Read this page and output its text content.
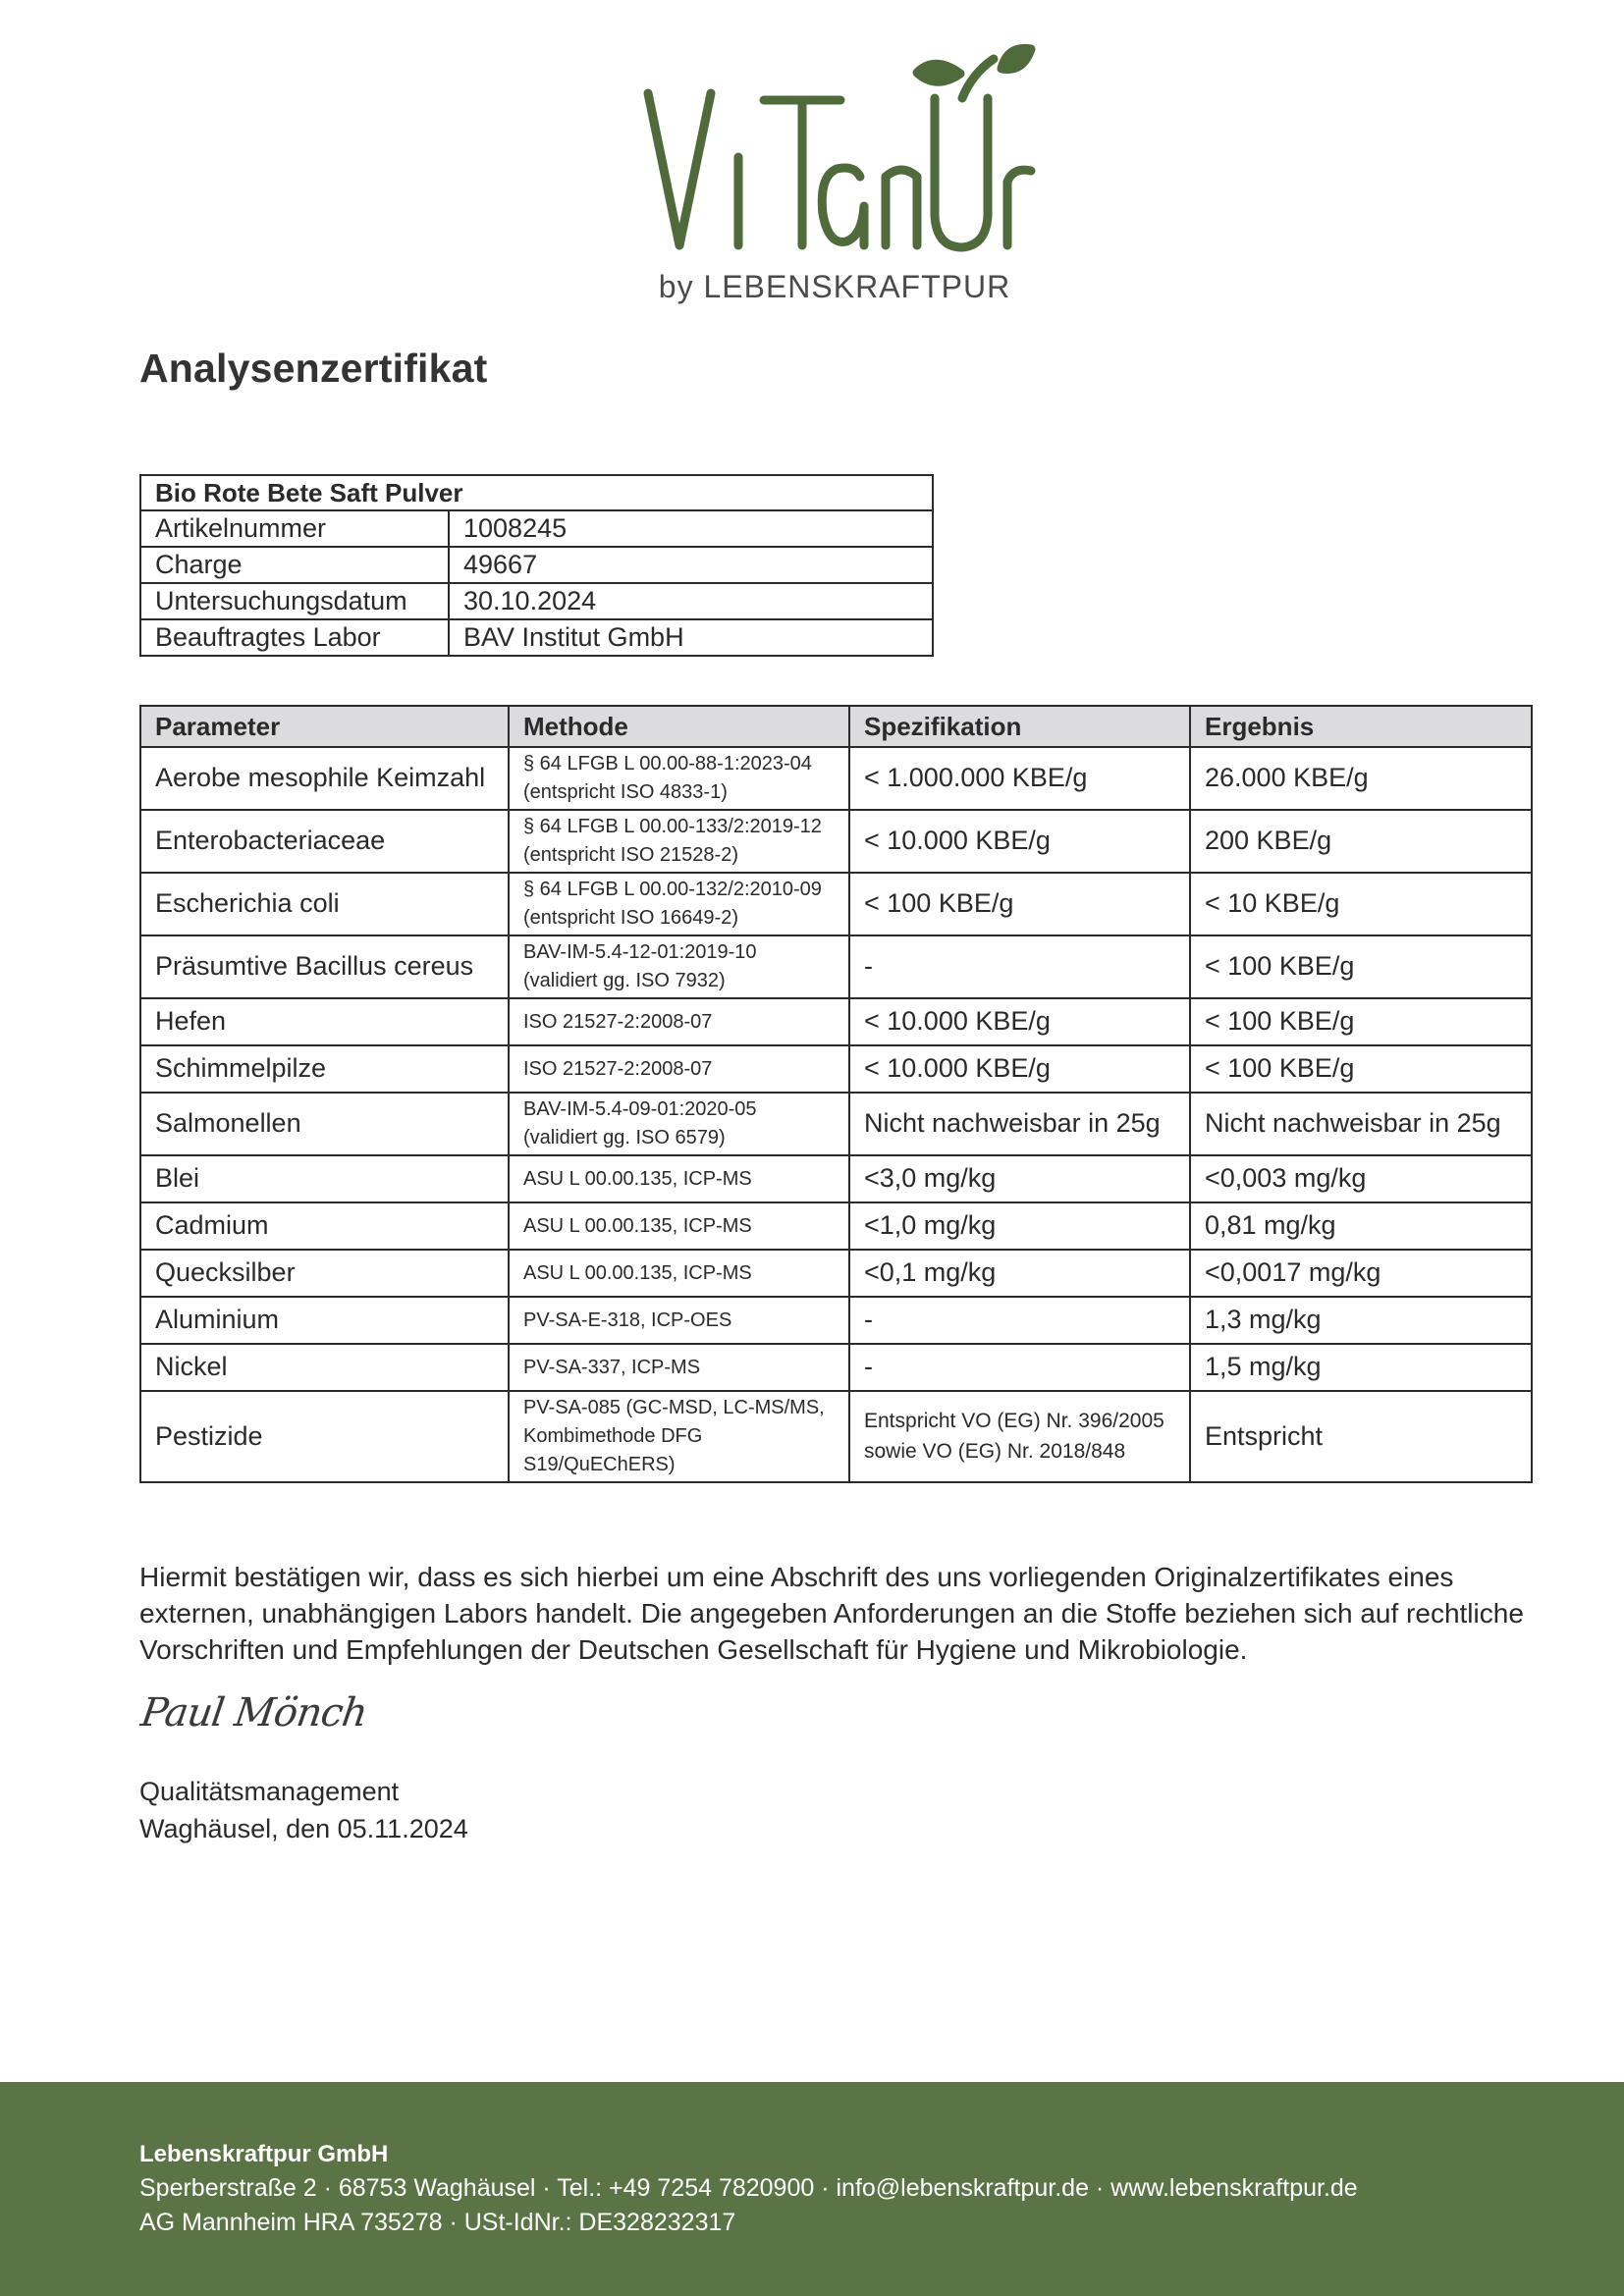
by LEBENSKRAFTPUR
Analysenzertifikat
Bio Rote Bete Saft Pulver	
Artikelnummer	1008245
Charge	49667
Untersuchungsdatum	30.10.2024
Beauftragtes Labor	BAV Institut GmbH
Parameter	Methode	Spezifikation	Ergebnis
Aerobe mesophile Keimzahl	§ 64 LFGB L 00.00-88-1:2023-04 (entspricht ISO 4833-1)	< 1.000.000 KBE/g	26.000 KBE/g
Enterobacteriaceae	§ 64 LFGB L 00.00-133/2:2019-12 (entspricht ISO 21528-2)	< 10.000 KBE/g	200 KBE/g
Escherichia coli	§ 64 LFGB L 00.00-132/2:2010-09 (entspricht ISO 16649-2)	< 100 KBE/g	< 10 KBE/g
Präsumtive Bacillus cereus	BAV-IM-5.4-12-01:2019-10 (validiert gg. ISO 7932)	-	< 100 KBE/g
Hefen	ISO 21527-2:2008-07	< 10.000 KBE/g	< 100 KBE/g
Schimmelpilze	ISO 21527-2:2008-07	< 10.000 KBE/g	< 100 KBE/g
Salmonellen	BAV-IM-5.4-09-01:2020-05 (validiert gg. ISO 6579)	Nicht nachweisbar in 25g	Nicht nachweisbar in 25g
Blei	ASU L 00.00.135, ICP-MS	<3,0 mg/kg	<0,003 mg/kg
Cadmium	ASU L 00.00.135, ICP-MS	<1,0 mg/kg	0,81 mg/kg
Quecksilber	ASU L 00.00.135, ICP-MS	<0,1 mg/kg	<0,0017 mg/kg
Aluminium	PV-SA-E-318, ICP-OES	-	1,3 mg/kg
Nickel	PV-SA-337, ICP-MS	-	1,5 mg/kg
Pestizide	PV-SA-085 (GC-MSD, LC-MS/MS, Kombimethode DFG S19/QuEChERS)	Entspricht VO (EG) Nr. 396/2005 sowie VO (EG) Nr. 2018/848	Entspricht

Hiermit bestätigen wir, dass es sich hierbei um eine Abschrift des uns vorliegenden Originalzertifikates eines externen, unabhängigen Labors handelt. Die angegeben Anforderungen an die Stoffe beziehen sich auf rechtliche Vorschriften und Empfehlungen der Deutschen Gesellschaft für Hygiene und Mikrobiologie.

Paul Mönch
Qualitätsmanagement
Waghäusel, den 05.11.2024
Lebenskraftpur GmbH
Sperberstraße 2 · 68753 Waghäusel · Tel.: +49 7254 7820900 · info@lebenskraftpur.de · www.lebenskraftpur.de
AG Mannheim HRA 735278 · USt-IdNr.: DE328232317
